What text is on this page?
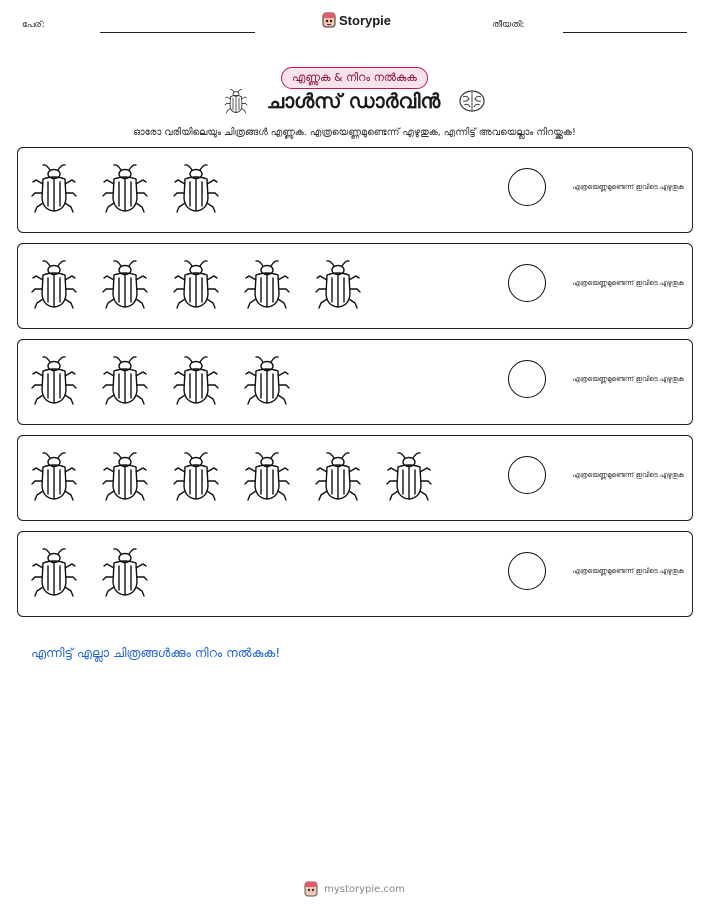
പേര്:	Storypie	തീയതി:
എണ്ണുക & നിറം നൽകുക
ചാൾസ് ഡാർവിൻ
ഓരോ വരിയിലെയും ചിത്രങ്ങൾ എണ്ണുക. എത്രയെണ്ണമുണ്ടെന്ന് എഴുതുക, എന്നിട്ട് അവയെല്ലാം നിറയ്ക്കുക!
എത്രയെണ്ണമുണ്ടെന്ന് ഇവിടെ എഴുതുക
എത്രയെണ്ണമുണ്ടെന്ന് ഇവിടെ എഴുതുക
എത്രയെണ്ണമുണ്ടെന്ന് ഇവിടെ എഴുതുക
എത്രയെണ്ണമുണ്ടെന്ന് ഇവിടെ എഴുതുക
എത്രയെണ്ണമുണ്ടെന്ന് ഇവിടെ എഴുതുക
എന്നിട്ട് എല്ലാ ചിത്രങ്ങൾക്കും നിറം നൽകുക!
mystorypie.com
